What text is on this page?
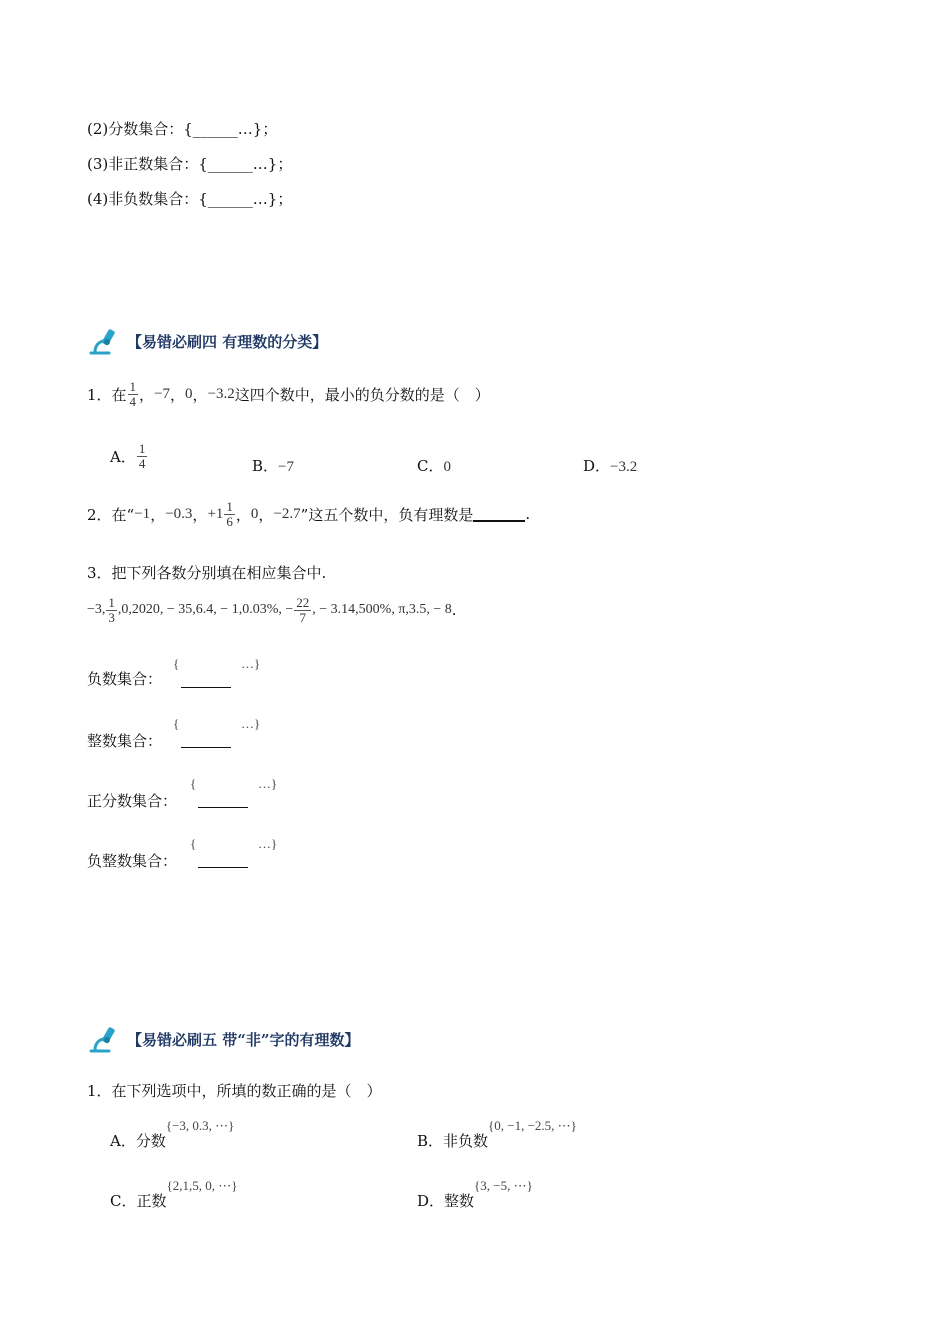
(2)分数集合：{______…}；
(3)非正数集合：{______…}；
(4)非负数集合：{______…}；
【易错必刷四 有理数的分类】
1．在 $\frac{1}{4}$ ， −7 ， 0 ， −3.2 这四个数中，最小的负分数的是（　）
A． $\frac{1}{4}$	B．−7	C．0	D．−3.2
2．在“ −1 ， −0.3 ， $+1 \frac{1}{6}$ ， 0 ， −2.7 ”这五个数中，负有理数是	.
3．把下列各数分别填在相应集合中.
−3, $\frac{1}{3} ,0,2020$, − 35,6.4, − 1,0.03%, − $\frac{22}{7}$ , − 3.14,500%, π,3.5, − 8 .
负数集合：
{	…}
整数集合：
{	…}
正分数集合：
{	…}
负整数集合：
{	…}
【易错必刷五 带“非”字的有理数】
1．在下列选项中，所填的数正确的是（　）
A．分数
{−3, 0.3, ⋯}
B．非负数
{0, −1, −2.5, ⋯}
C．正数
{2,1,5, 0, ⋯}
D．整数
{3, −5, ⋯}
